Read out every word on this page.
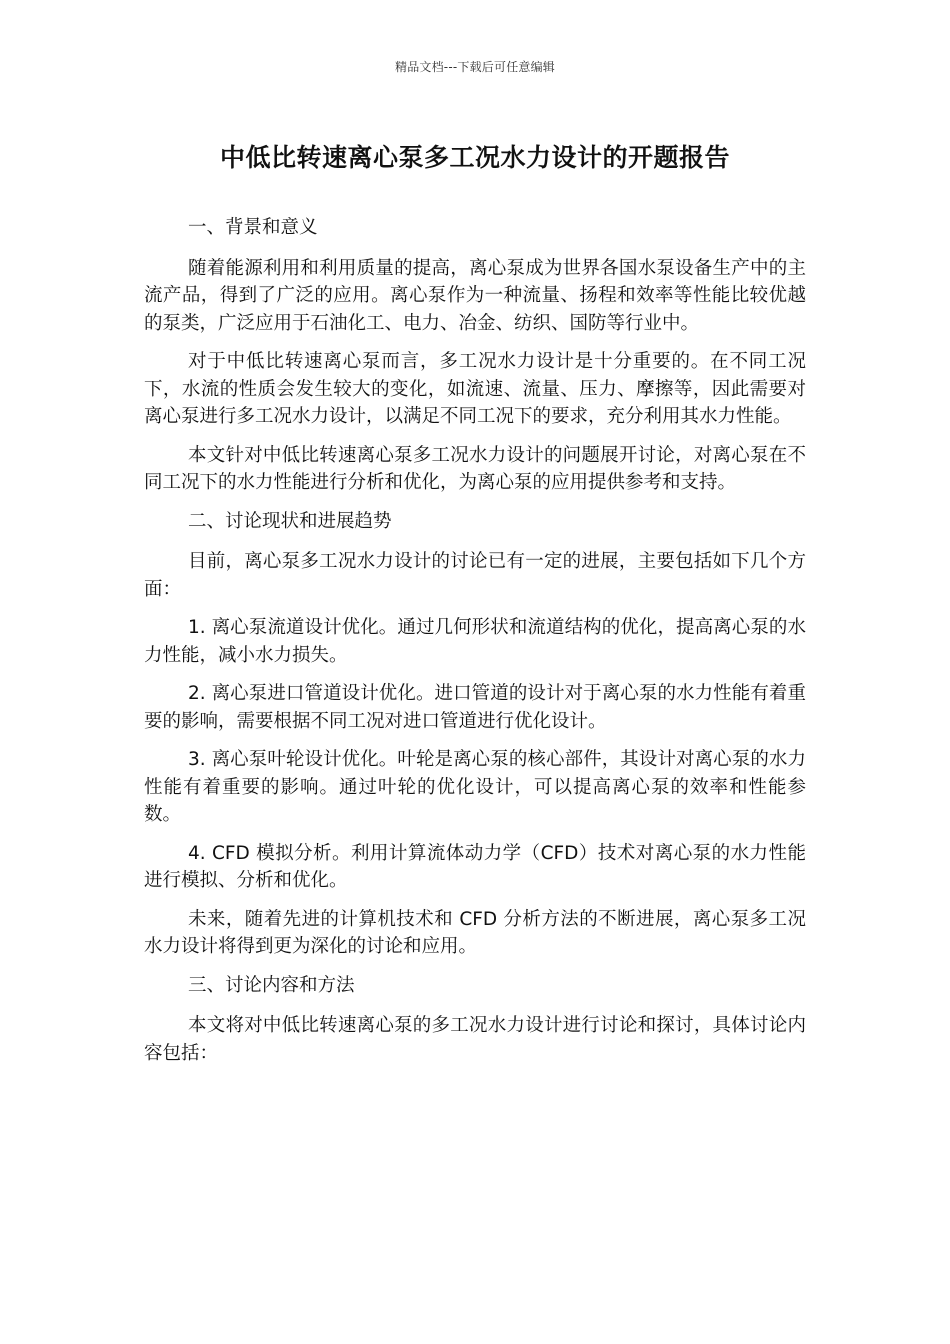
精品文档---下载后可任意编辑
中低比转速离心泵多工况水力设计的开题报告

一、背景和意义

随着能源利用和利用质量的提高，离心泵成为世界各国水泵设备生产中的主流产品，得到了广泛的应用。离心泵作为一种流量、扬程和效率等性能比较优越的泵类，广泛应用于石油化工、电力、冶金、纺织、国防等行业中。

对于中低比转速离心泵而言，多工况水力设计是十分重要的。在不同工况下，水流的性质会发生较大的变化，如流速、流量、压力、摩擦等，因此需要对离心泵进行多工况水力设计，以满足不同工况下的要求，充分利用其水力性能。

本文针对中低比转速离心泵多工况水力设计的问题展开讨论，对离心泵在不同工况下的水力性能进行分析和优化，为离心泵的应用提供参考和支持。

二、讨论现状和进展趋势

目前，离心泵多工况水力设计的讨论已有一定的进展，主要包括如下几个方面：

1. 离心泵流道设计优化。通过几何形状和流道结构的优化，提高离心泵的水力性能，减小水力损失。

2. 离心泵进口管道设计优化。进口管道的设计对于离心泵的水力性能有着重要的影响，需要根据不同工况对进口管道进行优化设计。

3. 离心泵叶轮设计优化。叶轮是离心泵的核心部件，其设计对离心泵的水力性能有着重要的影响。通过叶轮的优化设计，可以提高离心泵的效率和性能参数。

4. CFD 模拟分析。利用计算流体动力学（CFD）技术对离心泵的水力性能进行模拟、分析和优化。

未来，随着先进的计算机技术和 CFD 分析方法的不断进展，离心泵多工况水力设计将得到更为深化的讨论和应用。

三、讨论内容和方法

本文将对中低比转速离心泵的多工况水力设计进行讨论和探讨，具体讨论内容包括：
